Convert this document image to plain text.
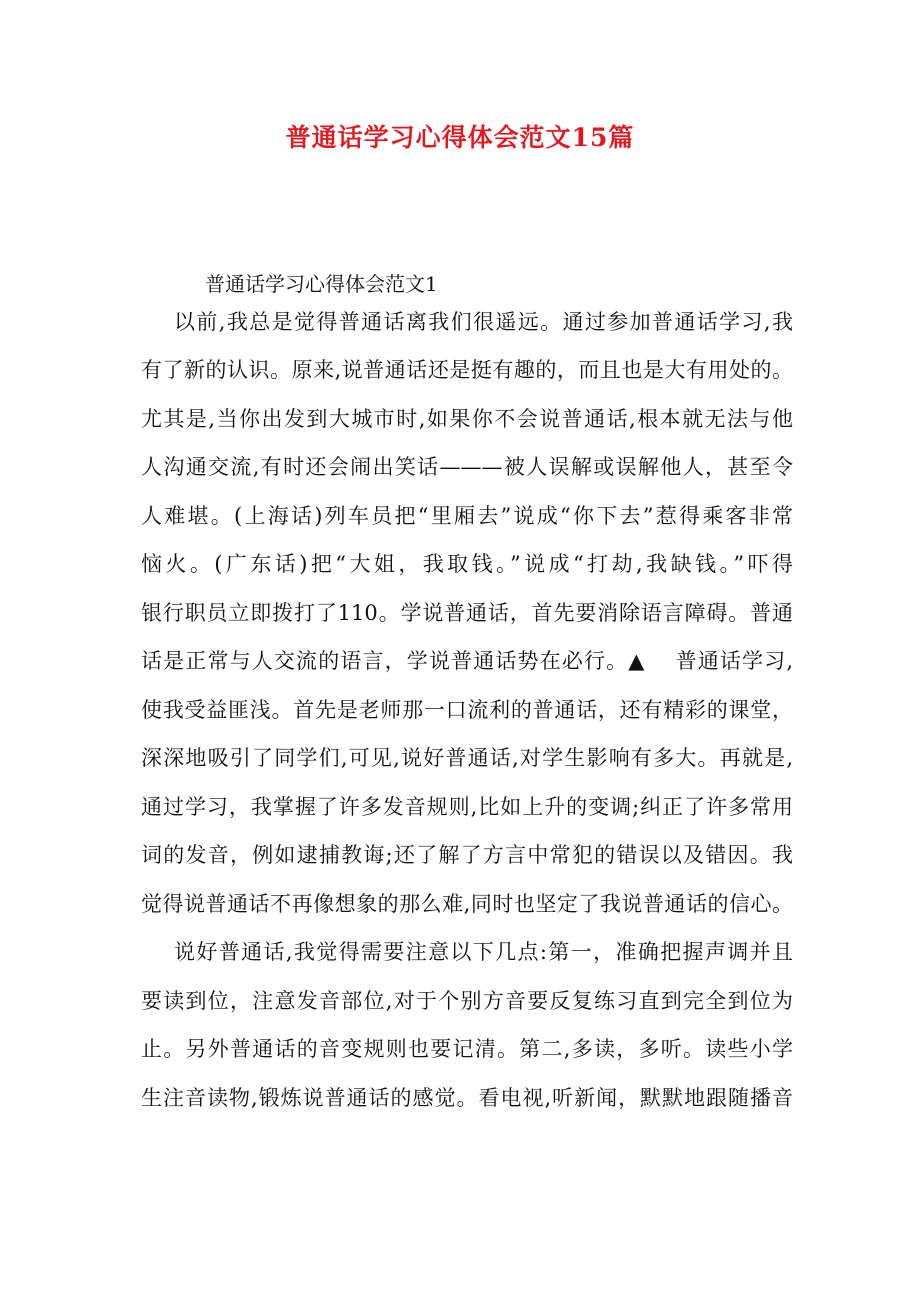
普通话学习心得体会范文15篇
普通话学习心得体会范文1
以前,我总是觉得普通话离我们很遥远。通过参加普通话学习,我
有了新的认识。原来,说普通话还是挺有趣的，而且也是大有用处的。
尤其是,当你出发到大城市时,如果你不会说普通话,根本就无法与他
人沟通交流,有时还会闹出笑话———被人误解或误解他人，甚至令
人难堪。(上海话)列车员把“里厢去”说成“你下去”惹得乘客非常
恼火。(广东话)把“大姐，我取钱。”说成“打劫,我缺钱。”吓得
银行职员立即拨打了110。学说普通话，首先要消除语言障碍。普通
话是正常与人交流的语言，学说普通话势在必行。▲　 普通话学习,
使我受益匪浅。首先是老师那一口流利的普通话，还有精彩的课堂，
深深地吸引了同学们,可见,说好普通话,对学生影响有多大。再就是,
通过学习，我掌握了许多发音规则,比如上升的变调;纠正了许多常用
词的发音，例如逮捕教诲;还了解了方言中常犯的错误以及错因。我
觉得说普通话不再像想象的那么难,同时也坚定了我说普通话的信心。
说好普通话,我觉得需要注意以下几点:第一，准确把握声调并且
要读到位，注意发音部位,对于个别方音要反复练习直到完全到位为
止。另外普通话的音变规则也要记清。第二,多读，多听。读些小学
生注音读物,锻炼说普通话的感觉。看电视,听新闻，默默地跟随播音
